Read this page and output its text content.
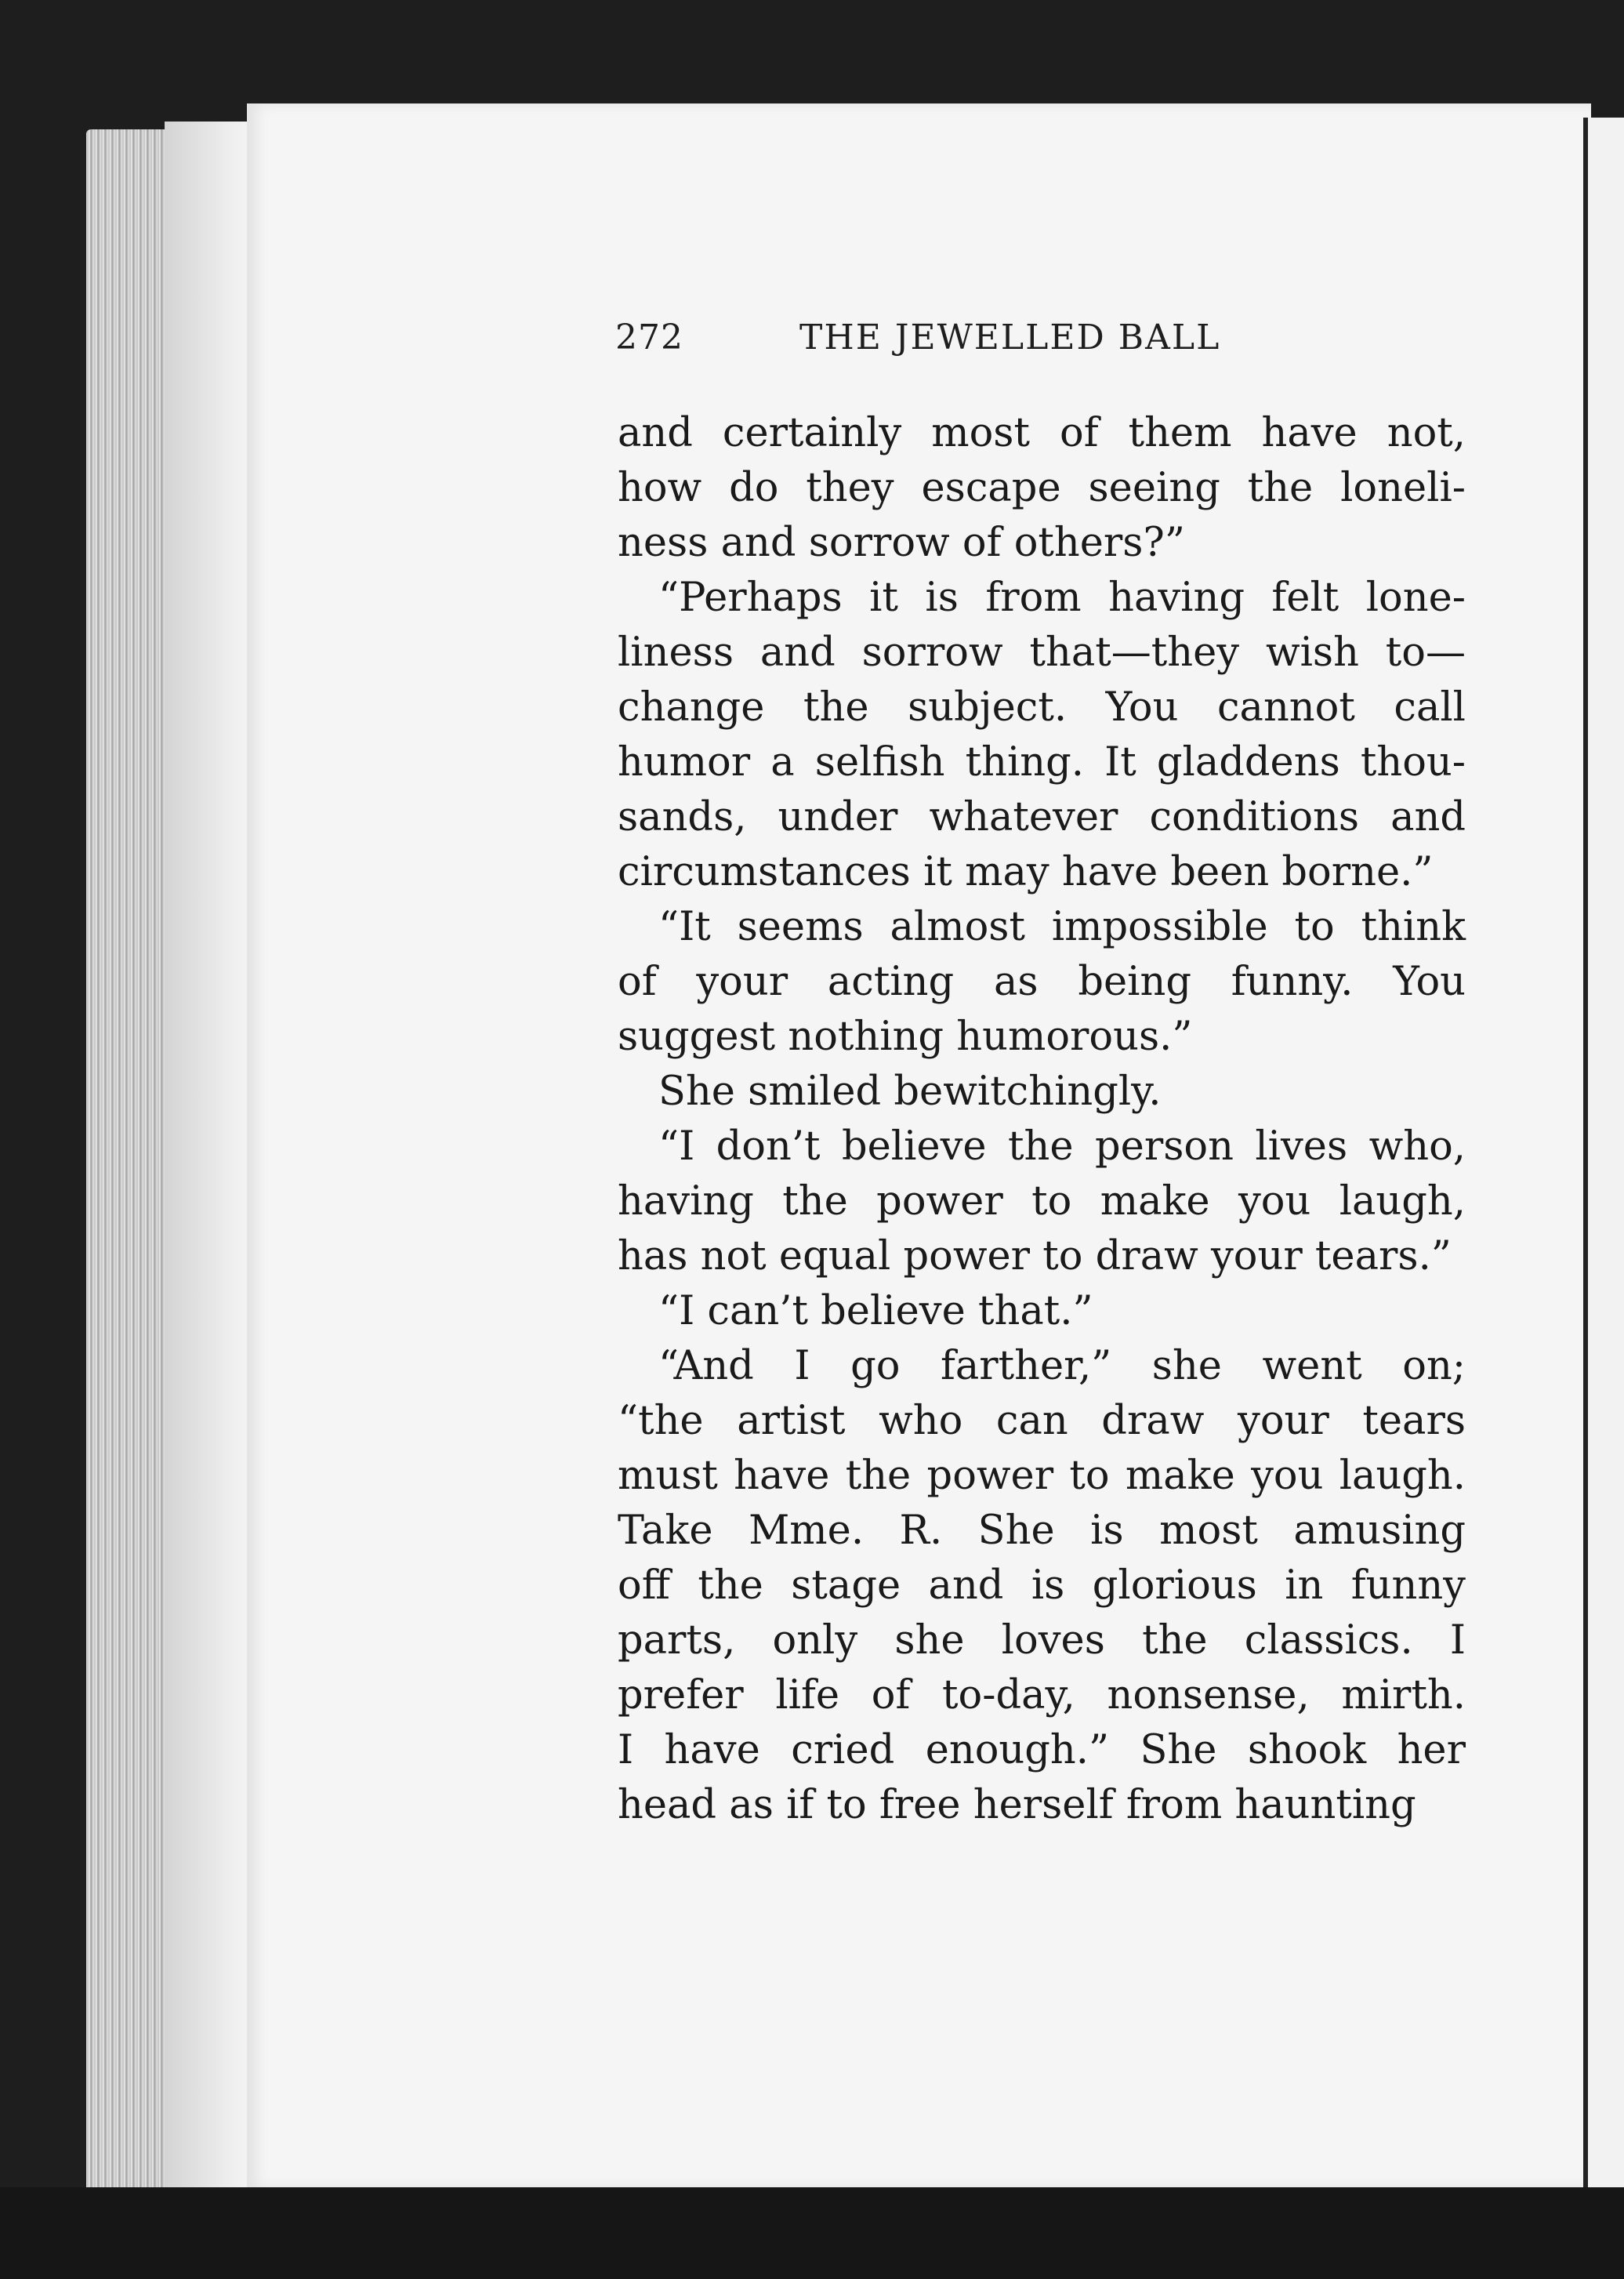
272	THE JEWELLED BALL
and certainly most of them have not,
how do they escape seeing the loneli-
ness and sorrow of others?”
“Perhaps it is from having felt lone-
liness and sorrow that—they wish to—
change the subject. You cannot call
humor a selfish thing. It gladdens thou-
sands, under whatever conditions and
circumstances it may have been borne.”
“It seems almost impossible to think
of your acting as being funny. You
suggest nothing humorous.”
She smiled bewitchingly.
“I don’t believe the person lives who,
having the power to make you laugh,
has not equal power to draw your tears.”
“I can’t believe that.”
“And I go farther,” she went on;
“the artist who can draw your tears
must have the power to make you laugh.
Take Mme. R. She is most amusing
off the stage and is glorious in funny
parts, only she loves the classics. I
prefer life of to-day, nonsense, mirth.
I have cried enough.” She shook her
head as if to free herself from haunting
